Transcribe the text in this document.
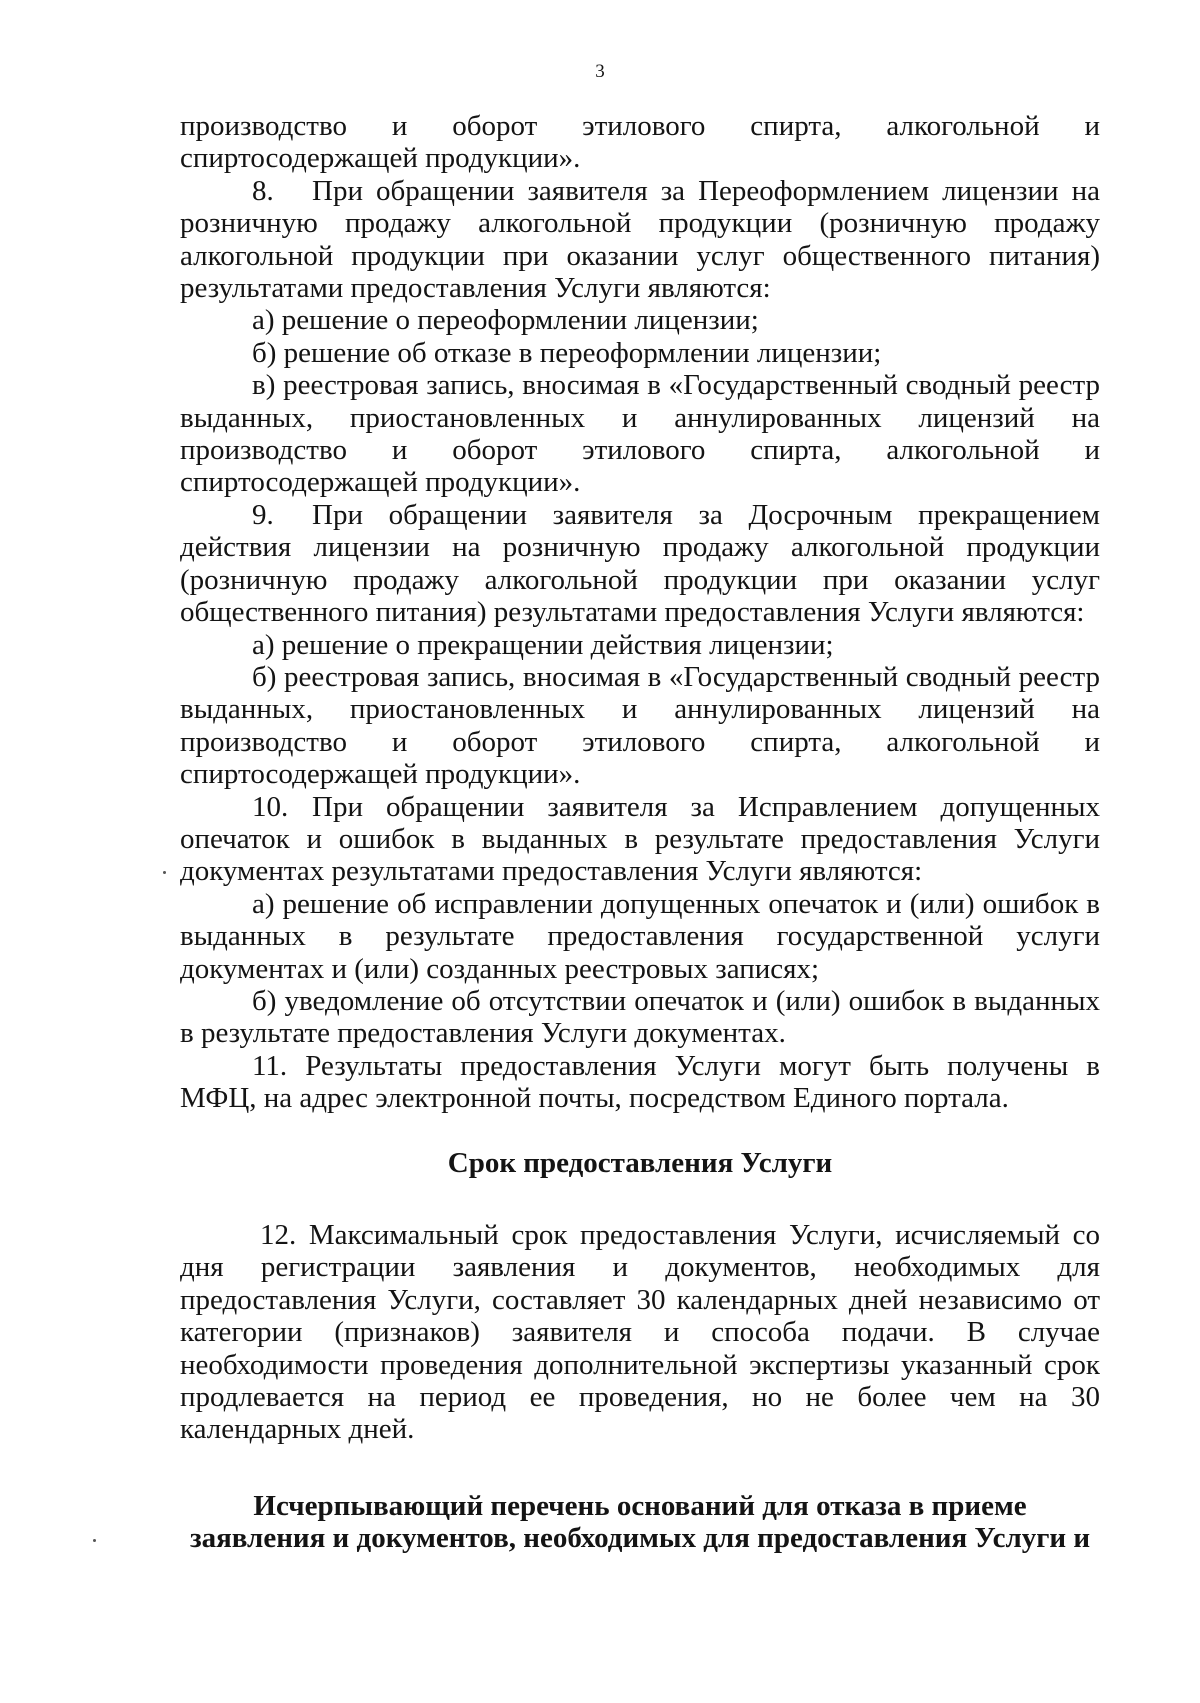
3

производство и оборот этилового спирта, алкогольной и спиртосодержащей продукции».

8. При обращении заявителя за Переоформлением лицензии на розничную продажу алкогольной продукции (розничную продажу алкогольной продукции при оказании услуг общественного питания) результатами предоставления Услуги являются:

а) решение о переоформлении лицензии;

б) решение об отказе в переоформлении лицензии;

в) реестровая запись, вносимая в «Государственный сводный реестр выданных, приостановленных и аннулированных лицензий на производство и оборот этилового спирта, алкогольной и спиртосодержащей продукции».

9. При обращении заявителя за Досрочным прекращением действия лицензии на розничную продажу алкогольной продукции (розничную продажу алкогольной продукции при оказании услуг общественного питания) результатами предоставления Услуги являются:

а) решение о прекращении действия лицензии;

б) реестровая запись, вносимая в «Государственный сводный реестр выданных, приостановленных и аннулированных лицензий на производство и оборот этилового спирта, алкогольной и спиртосодержащей продукции».

10. При обращении заявителя за Исправлением допущенных опечаток и ошибок в выданных в результате предоставления Услуги документах результатами предоставления Услуги являются:

а) решение об исправлении допущенных опечаток и (или) ошибок в выданных в результате предоставления государственной услуги документах и (или) созданных реестровых записях;

б) уведомление об отсутствии опечаток и (или) ошибок в выданных в результате предоставления Услуги документах.

11. Результаты предоставления Услуги могут быть получены в МФЦ, на адрес электронной почты, посредством Единого портала.

Срок предоставления Услуги

12. Максимальный срок предоставления Услуги, исчисляемый со дня регистрации заявления и документов, необходимых для предоставления Услуги, составляет 30 календарных дней независимо от категории (признаков) заявителя и способа подачи. В случае необходимости проведения дополнительной экспертизы указанный срок продлевается на период ее проведения, но не более чем на 30 календарных дней.

Исчерпывающий перечень оснований для отказа в приеме
заявления и документов, необходимых для предоставления Услуги и
